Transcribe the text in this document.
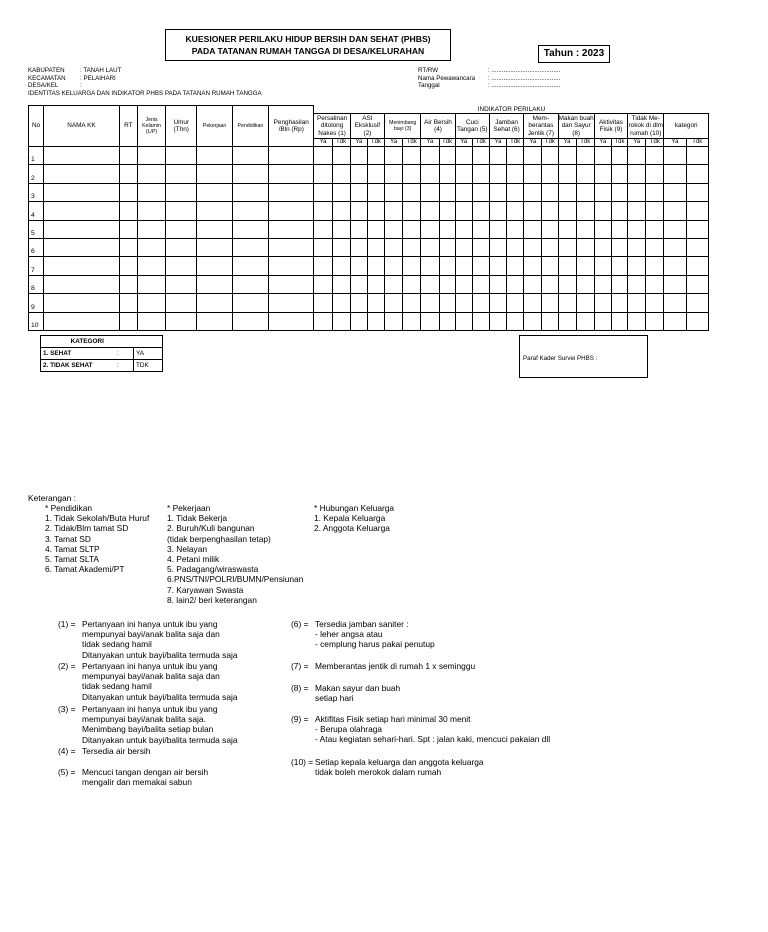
KUESIONER PERILAKU HIDUP BERSIH DAN SEHAT (PHBS)
PADA TATANAN RUMAH TANGGA DI DESA/KELURAHAN	Tahun : 2023
KABUPATEN	: TANAH LAUT
KECAMATAN	: PELAIHARI
DESA/KEL	:
IDENTITAS KELUARGA DAN INDIKATOR PHBS PADA TATANAN RUMAH TANGGA
RT/RW	: ........................................
Nama Pewawancara	: ........................................
Tanggal	: ........................................
No	NAMA KK	RT	Jenis Kelamin (L/P)	Umur (Thn)	Pekerjaan	Pendidikan	Penghasilan /Bln (Rp)	INDIKATOR PERILAKU																					
								Persalinan ditolong Nakes (1)		ASI Eksklusif (2)		Menimbang bayi (3)		Air Bersih (4)		Cuci Tangan (5)		Jamban Sehat (6)		Mem- berantas Jentik (7)		Makan buah dan Sayur (8)		Aktivitas Fisik (9)		Tidak Me- rokok di dlm rumah (10)		kategori	
								Ya	Tdk	Ya	Tdk	Ya	Tdk	Ya	Tdk	Ya	Tdk	Ya	Tdk	Ya	Tdk	Ya	Tdk	Ya	Tdk	Ya	Tdk	Ya	Tdk
1																													
2																													
3																													
4																													
5																													
6																													
7																													
8																													
9																													
10																													
KATEGORI		
1. SEHAT	:	YA
2. TIDAK SEHAT	:	TDK
Paraf Kader Survei PHBS :
Keterangan :
* Pendidikan
1. Tidak Sekolah/Buta Huruf
2. Tidak/Blm tamat SD
3. Tamat SD
4. Tamat SLTP
5. Tamat SLTA
6. Tamat Akademi/PT
* Pekerjaan
1. Tidak Bekerja
2. Buruh/Kuli bangunan
(tidak berpenghasilan tetap)
3. Nelayan
4. Petani milik
5. Padagang/wiraswasta
6.PNS/TNI/POLRI/BUMN/Pensiunan
7. Karyawan Swasta
8. lain2/ beri keterangan
* Hubungan Keluarga
1. Kepala Keluarga
2. Anggota Keluarga
(1) = Pertanyaan ini hanya untuk ibu yang
mempunyai bayi/anak balita saja dan
tidak sedang hamil
Ditanyakan untuk bayi/balita termuda saja
(2) = Pertanyaan ini hanya untuk ibu yang
mempunyai bayi/anak balita saja dan
tidak sedang hamil
Ditanyakan untuk bayi/balita termuda saja
(3) = Pertanyaan ini hanya untuk ibu yang
mempunyai bayi/anak balita saja.
Menimbang bayi/balita setiap bulan
Ditanyakan untuk bayi/balita termuda saja
(4) = Tersedia air bersih
(5) = Mencuci tangan dengan air bersih
mengalir dan memakai sabun
(6) = Tersedia jamban saniter :
- leher angsa atau
- cemplung harus pakai penutup
(7) = Memberantas jentik di rumah 1 x seminggu
(8) = Makan sayur dan buah
setiap hari
(9) = Aktifitas Fisik setiap hari minimal 30 menit
- Berupa olahraga
- Atau kegiatan sehari-hari. Spt : jalan kaki, mencuci pakaian dll
(10) = Setiap kepala keluarga dan anggota keluarga
tidak boleh merokok dalam rumah
